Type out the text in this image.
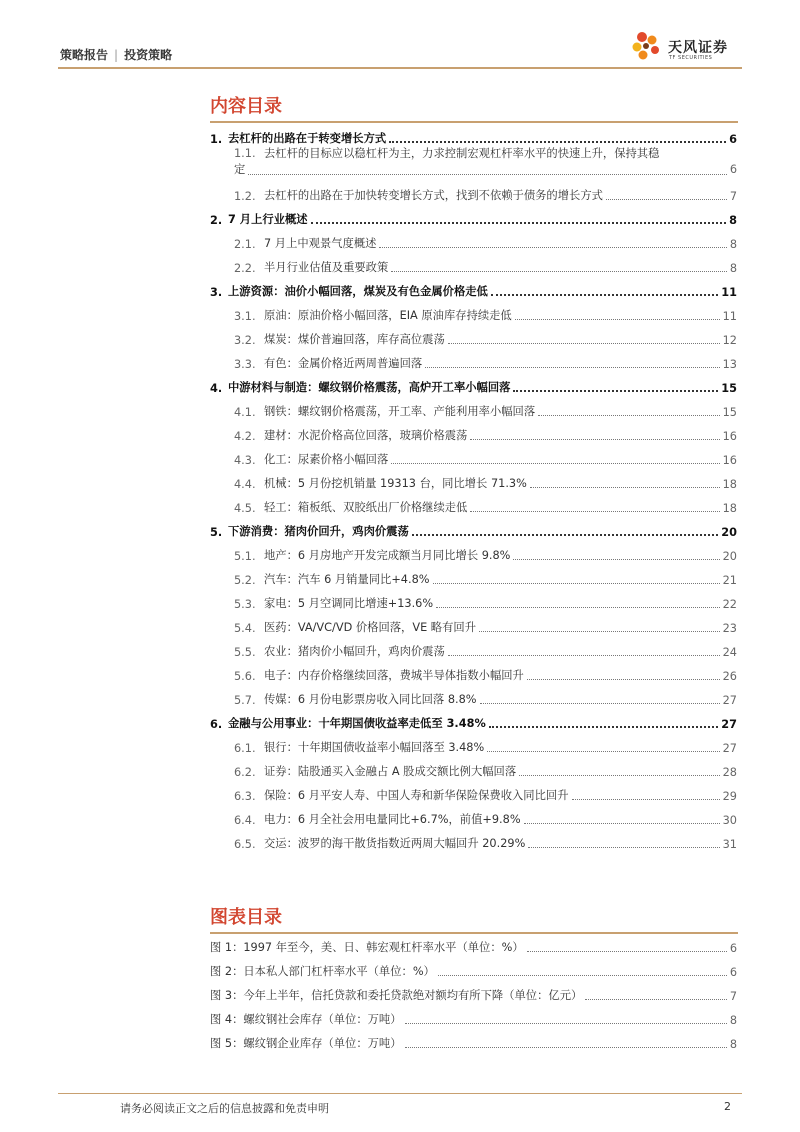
策略报告 | 投资策略	天风证券
TF SECURITIES
内容目录
1. 去杠杆的出路在于转变增长方式	6
1.1. 去杠杆的目标应以稳杠杆为主，力求控制宏观杠杆率水平的快速上升，保持其稳
定	6
1.2. 去杠杆的出路在于加快转变增长方式，找到不依赖于债务的增长方式	7
2. 7 月上行业概述	8
2.1. 7 月上中观景气度概述	8
2.2. 半月行业估值及重要政策	8
3. 上游资源：油价小幅回落，煤炭及有色金属价格走低	11
3.1. 原油：原油价格小幅回落，EIA 原油库存持续走低	11
3.2. 煤炭：煤价普遍回落，库存高位震荡	12
3.3. 有色：金属价格近两周普遍回落	13
4. 中游材料与制造：螺纹钢价格震荡，高炉开工率小幅回落	15
4.1. 钢铁：螺纹钢价格震荡，开工率、产能利用率小幅回落	15
4.2. 建材：水泥价格高位回落，玻璃价格震荡	16
4.3. 化工：尿素价格小幅回落	16
4.4. 机械：5 月份挖机销量 19313 台，同比增长 71.3%	18
4.5. 轻工：箱板纸、双胶纸出厂价格继续走低	18
5. 下游消费：猪肉价回升，鸡肉价震荡	20
5.1. 地产：6 月房地产开发完成额当月同比增长 9.8%	20
5.2. 汽车：汽车 6 月销量同比+4.8%	21
5.3. 家电：5 月空调同比增速+13.6%	22
5.4. 医药：VA/VC/VD 价格回落，VE 略有回升	23
5.5. 农业：猪肉价小幅回升，鸡肉价震荡	24
5.6. 电子：内存价格继续回落，费城半导体指数小幅回升	26
5.7. 传媒：6 月份电影票房收入同比回落 8.8%	27
6. 金融与公用事业：十年期国债收益率走低至 3.48%	27
6.1. 银行：十年期国债收益率小幅回落至 3.48%	27
6.2. 证券：陆股通买入金融占 A 股成交额比例大幅回落	28
6.3. 保险：6 月平安人寿、中国人寿和新华保险保费收入同比回升	29
6.4. 电力：6 月全社会用电量同比+6.7%，前值+9.8%	30
6.5. 交运：波罗的海干散货指数近两周大幅回升 20.29%	31
图表目录
图 1：1997 年至今，美、日、韩宏观杠杆率水平（单位：%）	6
图 2：日本私人部门杠杆率水平（单位：%）	6
图 3：今年上半年，信托贷款和委托贷款绝对额均有所下降（单位：亿元）	7
图 4：螺纹钢社会库存（单位：万吨）	8
图 5：螺纹钢企业库存（单位：万吨）	8
请务必阅读正文之后的信息披露和免责申明	2
